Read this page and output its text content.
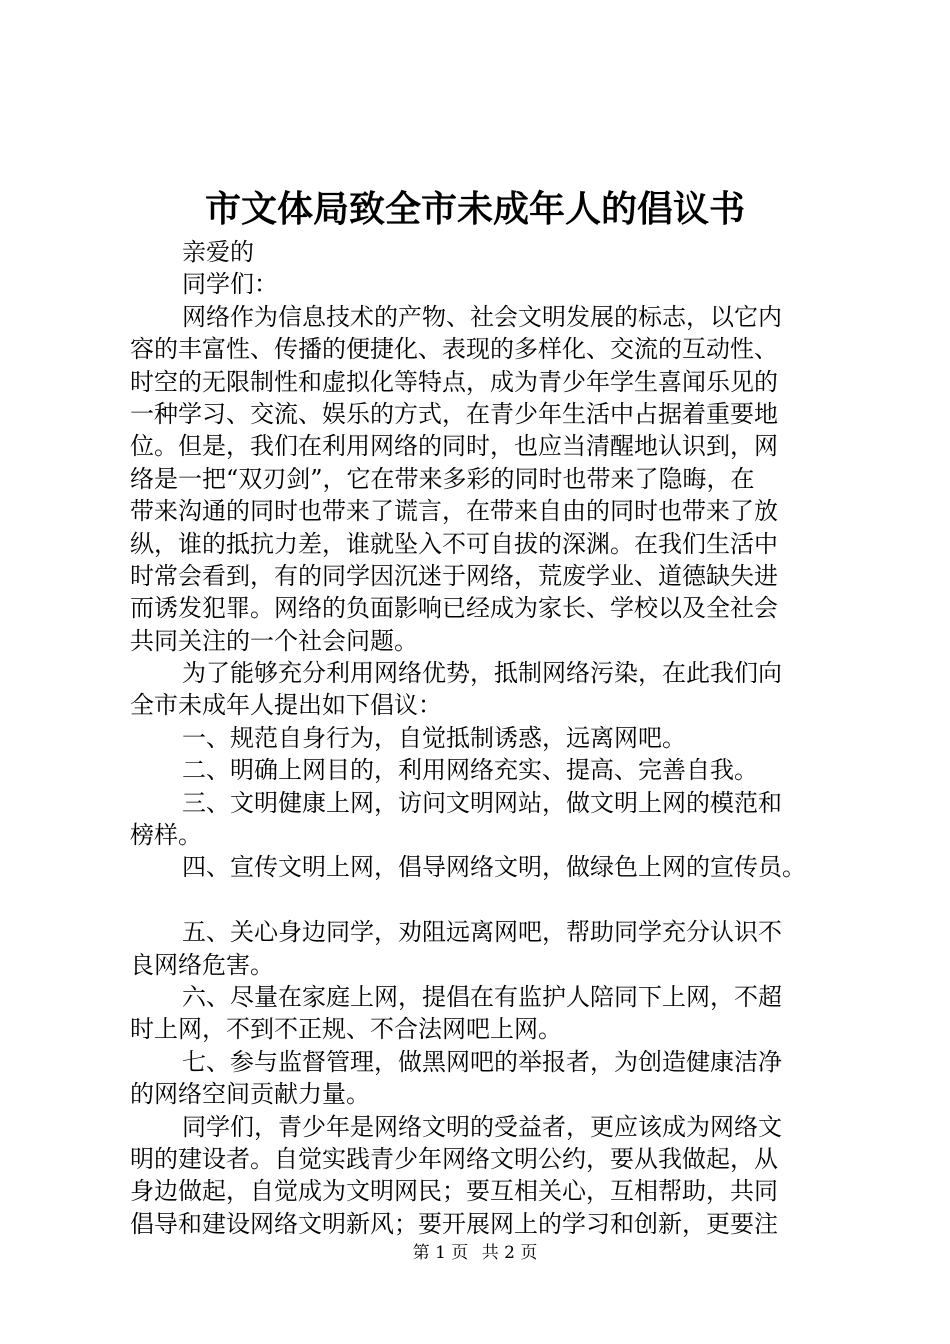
市文体局致全市未成年人的倡议书
亲爱的
同学们：
网络作为信息技术的产物、社会文明发展的标志，以它内
容的丰富性、传播的便捷化、表现的多样化、交流的互动性、
时空的无限制性和虚拟化等特点，成为青少年学生喜闻乐见的
一种学习、交流、娱乐的方式，在青少年生活中占据着重要地
位。但是，我们在利用网络的同时，也应当清醒地认识到，网
络是一把“双刃剑”，它在带来多彩的同时也带来了隐晦，在
带来沟通的同时也带来了谎言，在带来自由的同时也带来了放
纵，谁的抵抗力差，谁就坠入不可自拔的深渊。在我们生活中
时常会看到，有的同学因沉迷于网络，荒废学业、道德缺失进
而诱发犯罪。网络的负面影响已经成为家长、学校以及全社会
共同关注的一个社会问题。
为了能够充分利用网络优势，抵制网络污染，在此我们向
全市未成年人提出如下倡议：
一、规范自身行为，自觉抵制诱惑，远离网吧。
二、明确上网目的，利用网络充实、提高、完善自我。
三、文明健康上网，访问文明网站，做文明上网的模范和
榜样。
四、宣传文明上网，倡导网络文明，做绿色上网的宣传员。
五、关心身边同学，劝阻远离网吧，帮助同学充分认识不
良网络危害。
六、尽量在家庭上网，提倡在有监护人陪同下上网，不超
时上网，不到不正规、不合法网吧上网。
七、参与监督管理，做黑网吧的举报者，为创造健康洁净
的网络空间贡献力量。
同学们，青少年是网络文明的受益者，更应该成为网络文
明的建设者。自觉实践青少年网络文明公约，要从我做起，从
身边做起，自觉成为文明网民；要互相关心，互相帮助，共同
倡导和建设网络文明新风；要开展网上的学习和创新，更要注
第 1 页 共 2 页
